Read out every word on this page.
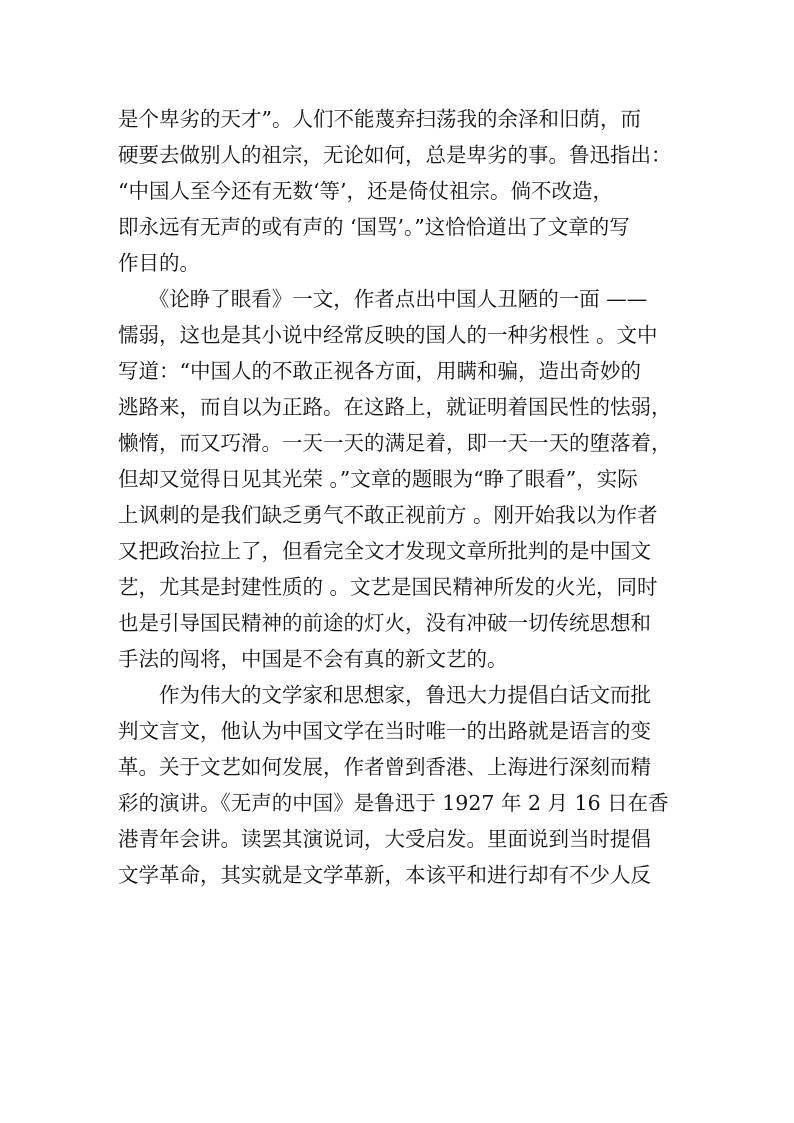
是个卑劣的天才”。人们不能蔑弃扫荡我的余泽和旧荫，而
硬要去做别人的祖宗，无论如何，总是卑劣的事。鲁迅指出：
“中国人至今还有无数‘等’，还是倚仗祖宗。倘不改造，
即永远有无声的或有声的 ‘国骂’。”这恰恰道出了文章的写
作目的。
　　《论睁了眼看》一文，作者点出中国人丑陋的一面 ——
懦弱，这也是其小说中经常反映的国人的一种劣根性 。文中
写道：“中国人的不敢正视各方面，用瞒和骗，造出奇妙的
逃路来，而自以为正路。在这路上，就证明着国民性的怯弱，
懒惰，而又巧滑。一天一天的满足着，即一天一天的堕落着，
但却又觉得日见其光荣 。”文章的题眼为“睁了眼看”，实际
上讽刺的是我们缺乏勇气不敢正视前方 。刚开始我以为作者
又把政治拉上了，但看完全文才发现文章所批判的是中国文
艺，尤其是封建性质的 。文艺是国民精神所发的火光，同时
也是引导国民精神的前途的灯火，没有冲破一切传统思想和
手法的闯将，中国是不会有真的新文艺的。
　　作为伟大的文学家和思想家，鲁迅大力提倡白话文而批
判文言文，他认为中国文学在当时唯一的出路就是语言的变
革。关于文艺如何发展，作者曾到香港、上海进行深刻而精
彩的演讲。《无声的中国》是鲁迅于 1927 年 2 月 16 日在香
港青年会讲。读罢其演说词，大受启发。里面说到当时提倡
文学革命，其实就是文学革新，本该平和进行却有不少人反
